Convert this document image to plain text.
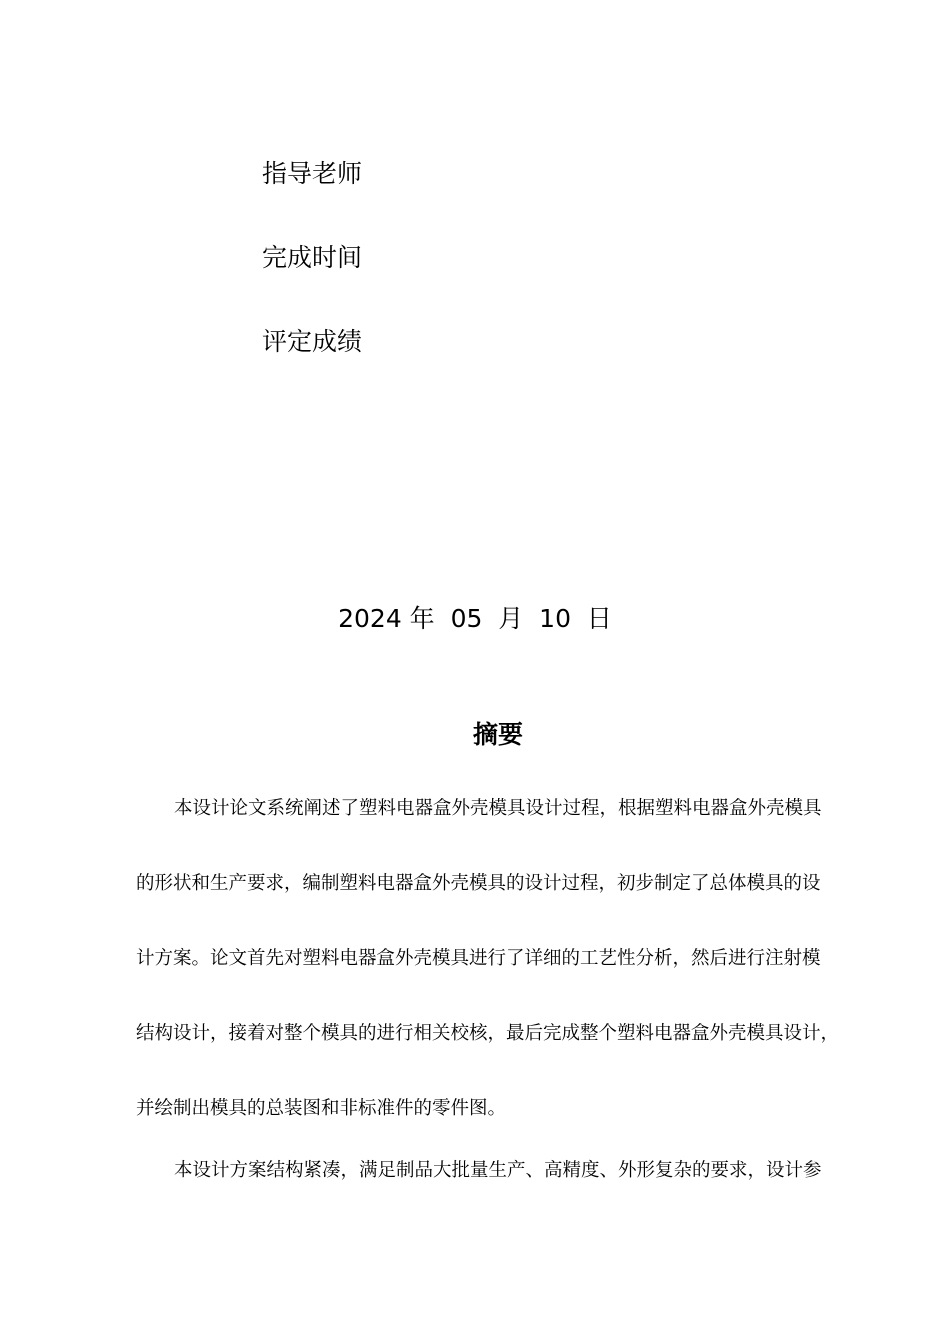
指导老师
完成时间
评定成绩
2024 年  05  月  10  日
摘要
本设计论文系统阐述了塑料电器盒外壳模具设计过程，根据塑料电器盒外壳模具
的形状和生产要求，编制塑料电器盒外壳模具的设计过程，初步制定了总体模具的设
计方案。论文首先对塑料电器盒外壳模具进行了详细的工艺性分析，然后进行注射模
结构设计，接着对整个模具的进行相关校核，最后完成整个塑料电器盒外壳模具设计，
并绘制出模具的总装图和非标准件的零件图。
本设计方案结构紧凑，满足制品大批量生产、高精度、外形复杂的要求，设计参
